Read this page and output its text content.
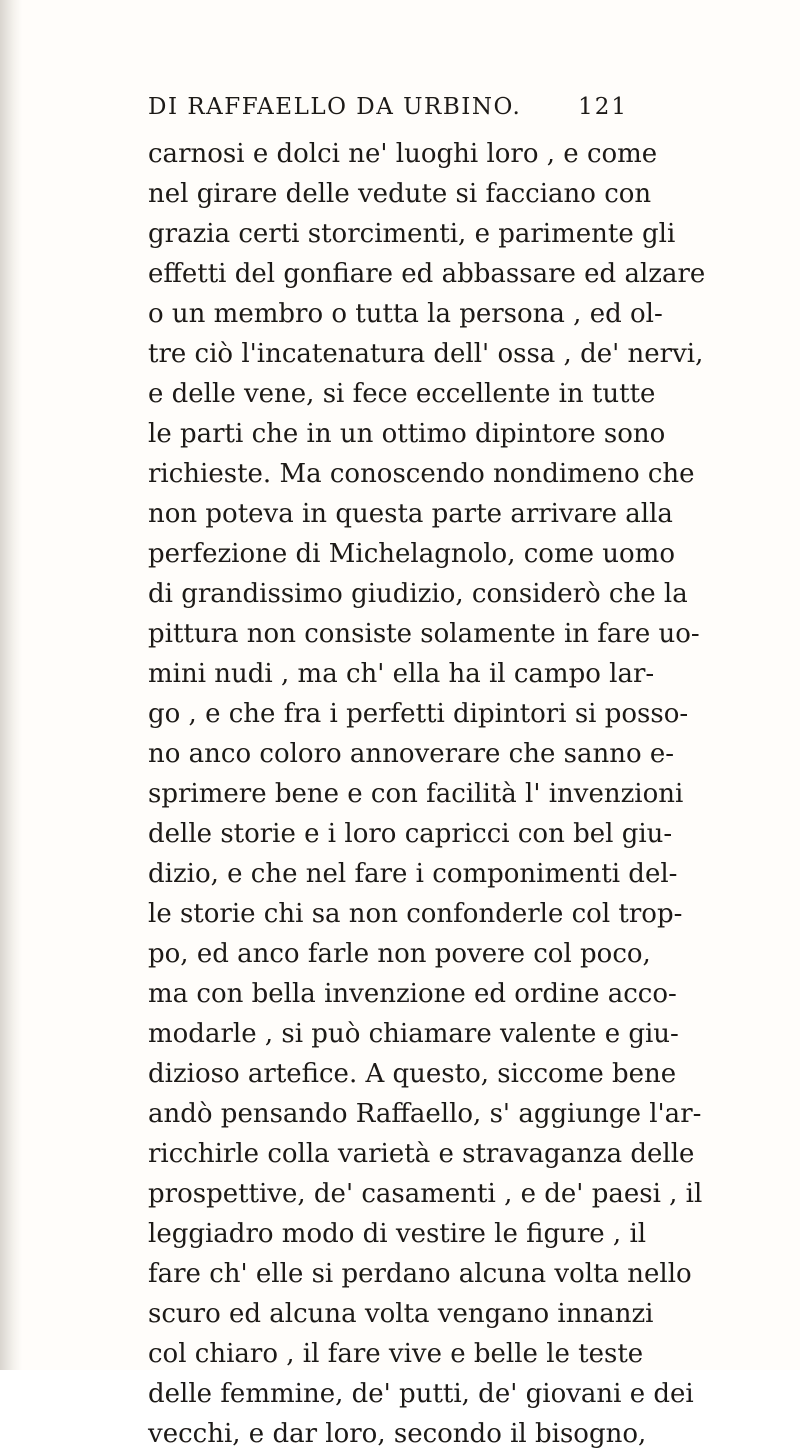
DI RAFFAELLO DA URBINO. 121
carnosi e dolci ne' luoghi loro , e come
nel girare delle vedute si facciano con
grazia certi storcimenti, e parimente gli
effetti del gonfiare ed abbassare ed alzare
o un membro o tutta la persona , ed ol-
tre ciò l'incatenatura dell' ossa , de' nervi,
e delle vene, si fece eccellente in tutte
le parti che in un ottimo dipintore sono
richieste. Ma conoscendo nondimeno che
non poteva in questa parte arrivare alla
perfezione di Michelagnolo, come uomo
di grandissimo giudizio, considerò che la
pittura non consiste solamente in fare uo-
mini nudi , ma ch' ella ha il campo lar-
go , e che fra i perfetti dipintori si posso-
no anco coloro annoverare che sanno e-
sprimere bene e con facilità l' invenzioni
delle storie e i loro capricci con bel giu-
dizio, e che nel fare i componimenti del-
le storie chi sa non confonderle col trop-
po, ed anco farle non povere col poco,
ma con bella invenzione ed ordine acco-
modarle , si può chiamare valente e giu-
dizioso artefice. A questo, siccome bene
andò pensando Raffaello, s' aggiunge l'ar-
ricchirle colla varietà e stravaganza delle
prospettive, de' casamenti , e de' paesi , il
leggiadro modo di vestire le figure , il
fare ch' elle si perdano alcuna volta nello
scuro ed alcuna volta vengano innanzi
col chiaro , il fare vive e belle le teste
delle femmine, de' putti, de' giovani e dei
vecchi, e dar loro, secondo il bisogno,
